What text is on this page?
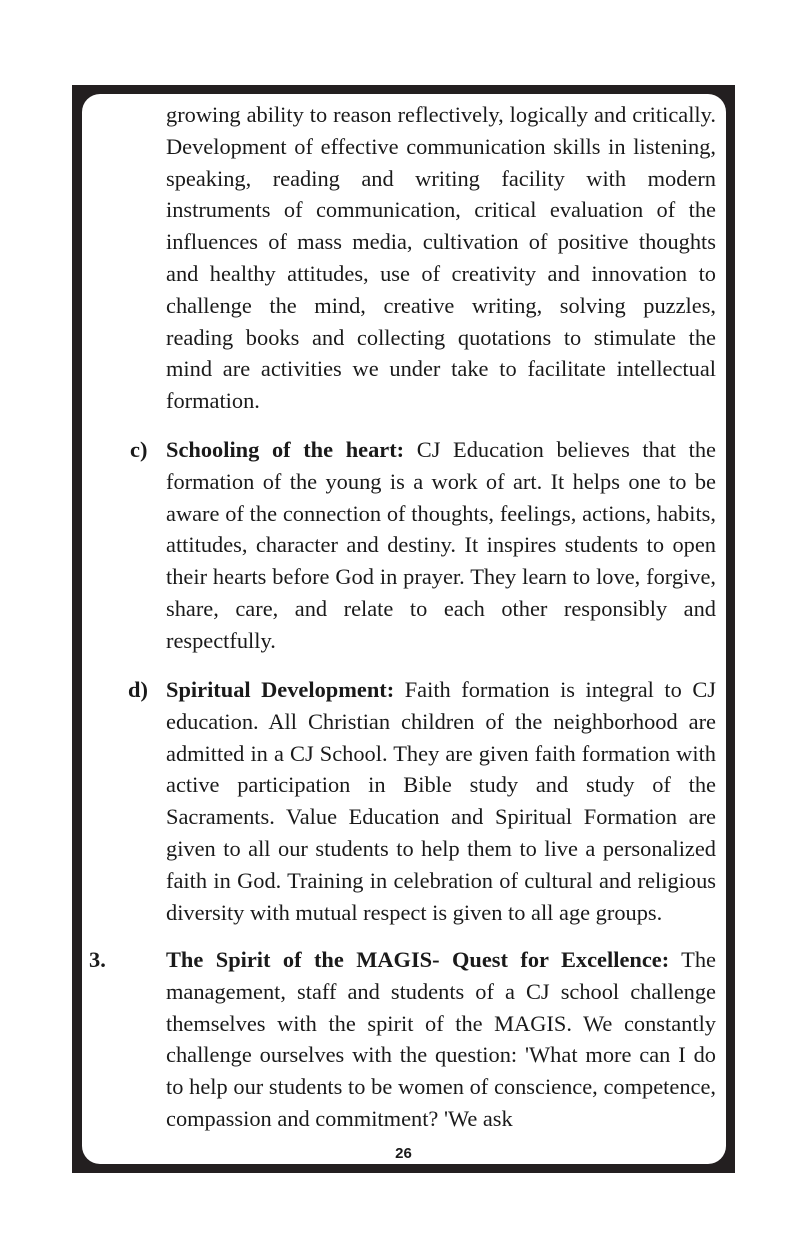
growing ability to reason reflectively, logically and critically. Development of effective communication skills in listening, speaking, reading and writing facility with modern instruments of communication, critical evaluation of the influences of mass media, cultivation of positive thoughts and healthy attitudes, use of creativity and innovation to challenge the mind, creative writing, solving puzzles, reading books and collecting quotations to stimulate the mind are activities we under take to facilitate intellectual formation.

c) Schooling of the heart: CJ Education believes that the formation of the young is a work of art. It helps one to be aware of the connection of thoughts, feelings, actions, habits, attitudes, character and destiny. It inspires students to open their hearts before God in prayer. They learn to love, forgive, share, care, and relate to each other responsibly and respectfully.

d) Spiritual Development: Faith formation is integral to CJ education. All Christian children of the neighborhood are admitted in a CJ School. They are given faith formation with active participation in Bible study and study of the Sacraments. Value Education and Spiritual Formation are given to all our students to help them to live a personalized faith in God. Training in celebration of cultural and religious diversity with mutual respect is given to all age groups.

3.	The Spirit of the MAGIS- Quest for Excellence: The management, staff and students of a CJ school challenge themselves with the spirit of the MAGIS. We constantly challenge ourselves with the question: 'What more can I do to help our students to be women of conscience, competence, compassion and commitment? 'We ask

26
